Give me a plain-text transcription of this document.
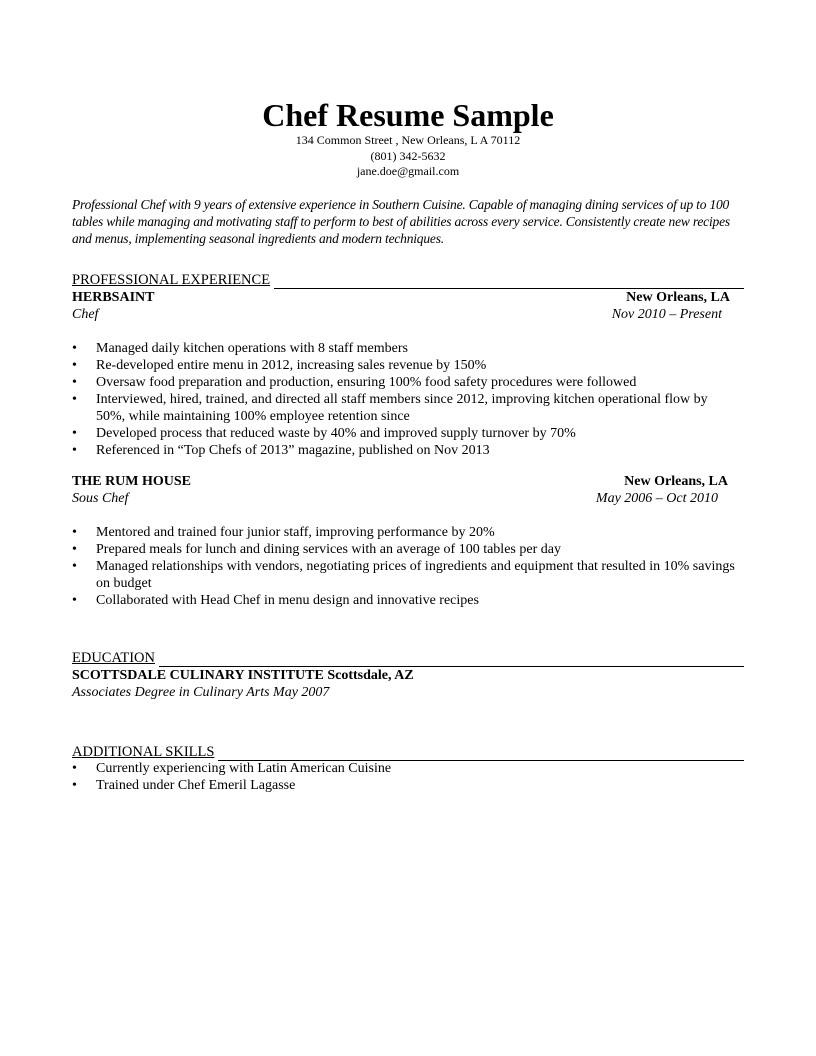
Chef Resume Sample
134 Common Street , New Orleans, L A 70112
(801) 342-5632
jane.doe@gmail.com
Professional Chef with 9 years of extensive experience in Southern Cuisine. Capable of managing dining services of up to 100 tables while managing and motivating staff to perform to best of abilities across every service. Consistently create new recipes and menus, implementing seasonal ingredients and modern techniques.
PROFESSIONAL EXPERIENCE
HERBSAINT	New Orleans, LA
Chef	Nov 2010 – Present
• Managed daily kitchen operations with 8 staff members
• Re-developed entire menu in 2012, increasing sales revenue by 150%
• Oversaw food preparation and production, ensuring 100% food safety procedures were followed
• Interviewed, hired, trained, and directed all staff members since 2012, improving kitchen operational flow by 50%, while maintaining 100% employee retention since
• Developed process that reduced waste by 40% and improved supply turnover by 70%
• Referenced in “Top Chefs of 2013” magazine, published on Nov 2013
THE RUM HOUSE	New Orleans, LA
Sous Chef	May 2006 – Oct 2010
• Mentored and trained four junior staff, improving performance by 20%
• Prepared meals for lunch and dining services with an average of 100 tables per day
• Managed relationships with vendors, negotiating prices of ingredients and equipment that resulted in 10% savings on budget
• Collaborated with Head Chef in menu design and innovative recipes
EDUCATION
SCOTTSDALE CULINARY INSTITUTE Scottsdale, AZ
Associates Degree in Culinary Arts May 2007
ADDITIONAL SKILLS
• Currently experiencing with Latin American Cuisine
• Trained under Chef Emeril Lagasse
